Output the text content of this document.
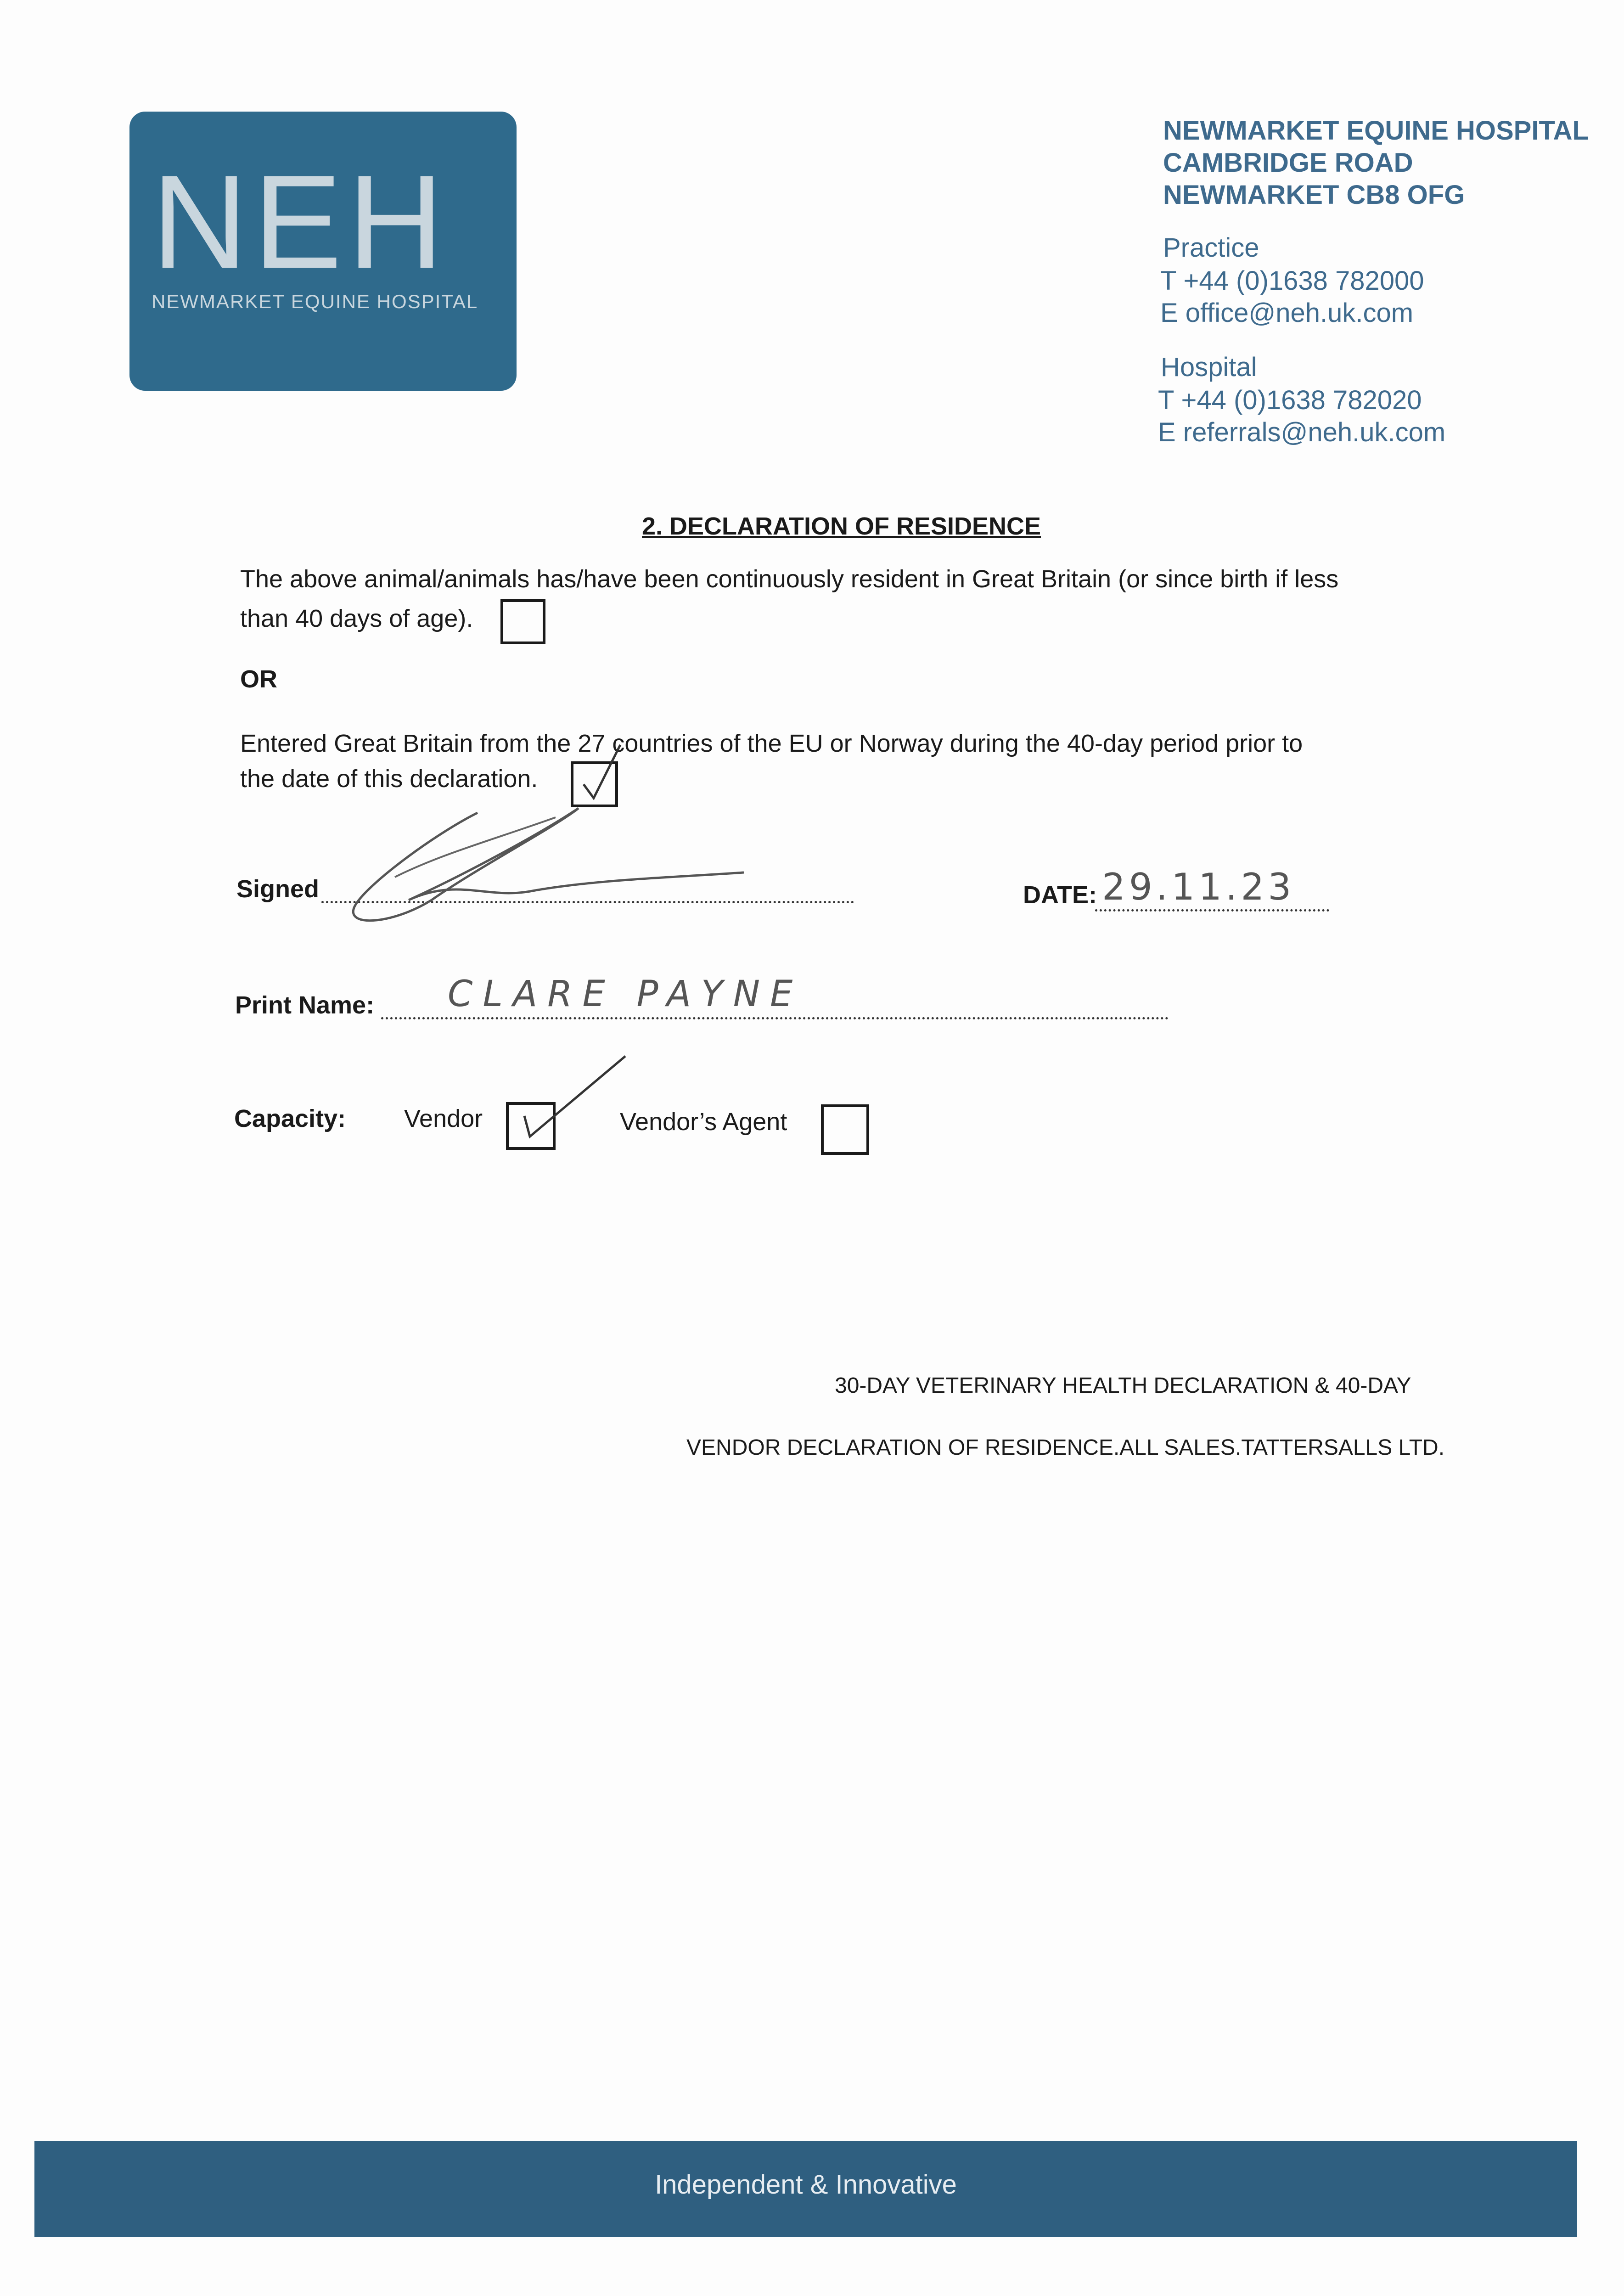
NEH
NEWMARKET EQUINE HOSPITAL
NEWMARKET EQUINE HOSPITAL
CAMBRIDGE ROAD
NEWMARKET CB8 OFG
Practice
T +44 (0)1638 782000
E office@neh.uk.com
Hospital
T +44 (0)1638 782020
E referrals@neh.uk.com
2. DECLARATION OF RESIDENCE
The above animal/animals has/have been continuously resident in Great Britain (or since birth if less
than 40 days of age).
OR
Entered Great Britain from the 27 countries of the EU or Norway during the 40-day period prior to
the date of this declaration.
Signed	DATE: 29.11.23
Print Name: CLARE PAYNE
Capacity: Vendor	Vendor’s Agent
30-DAY VETERINARY HEALTH DECLARATION & 40-DAY
VENDOR DECLARATION OF RESIDENCE.ALL SALES.TATTERSALLS LTD.
Independent & Innovative
